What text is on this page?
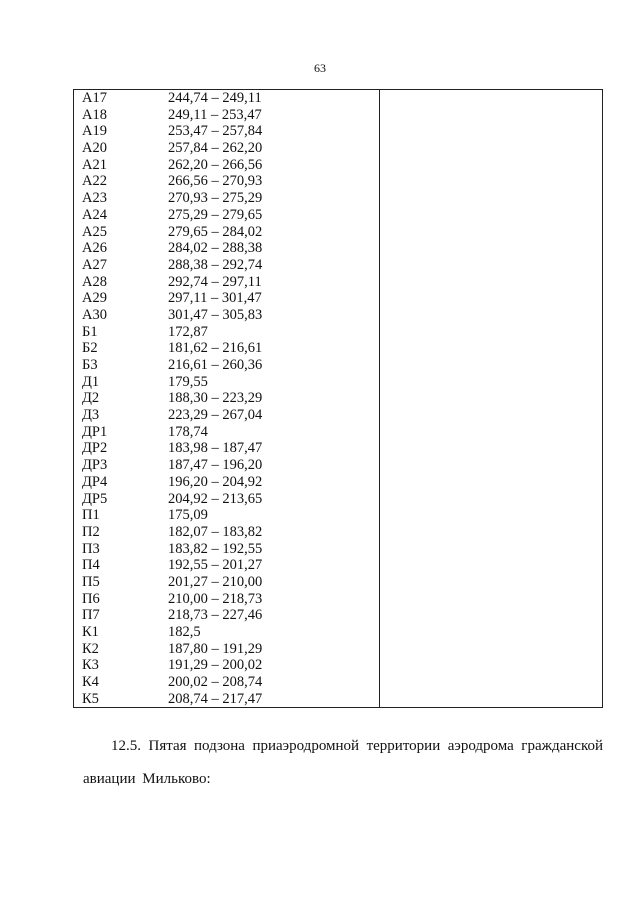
63
А17	244,74 – 249,11
А18	249,11 – 253,47
А19	253,47 – 257,84
А20	257,84 – 262,20
А21	262,20 – 266,56
А22	266,56 – 270,93
А23	270,93 – 275,29
А24	275,29 – 279,65
А25	279,65 – 284,02
А26	284,02 – 288,38
А27	288,38 – 292,74
А28	292,74 – 297,11
А29	297,11 – 301,47
А30	301,47 – 305,83
Б1	172,87
Б2	181,62 – 216,61
Б3	216,61 – 260,36
Д1	179,55
Д2	188,30 – 223,29
Д3	223,29 – 267,04
ДР1	178,74
ДР2	183,98 – 187,47
ДР3	187,47 – 196,20
ДР4	196,20 – 204,92
ДР5	204,92 – 213,65
П1	175,09
П2	182,07 – 183,82
П3	183,82 – 192,55
П4	192,55 – 201,27
П5	201,27 – 210,00
П6	210,00 – 218,73
П7	218,73 – 227,46
К1	182,5
К2	187,80 – 191,29
К3	191,29 – 200,02
К4	200,02 – 208,74
К5	208,74 – 217,47

12.5. Пятая подзона приаэродромной территории аэродрома гражданской авиации Мильково:
